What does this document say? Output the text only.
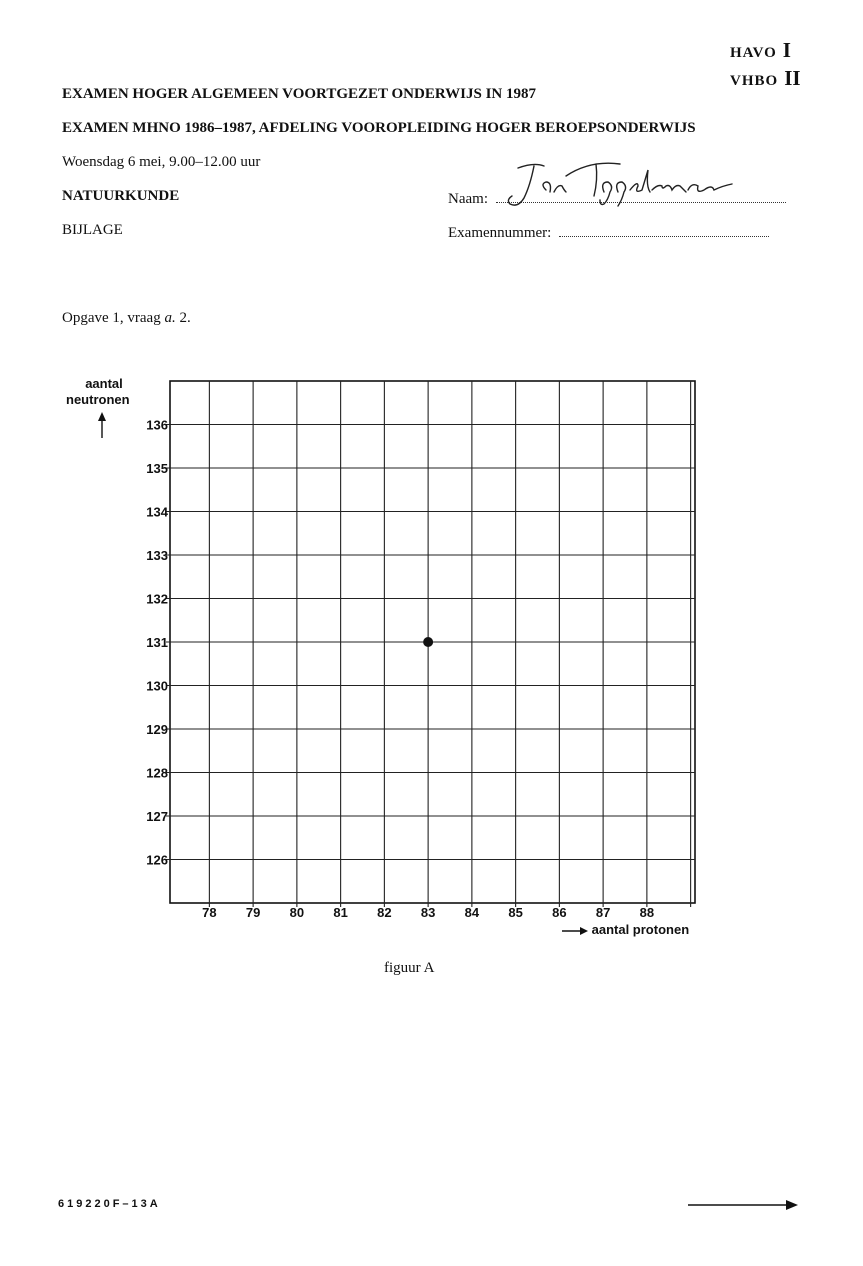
HAVO I
VHBO II
EXAMEN HOGER ALGEMEEN VOORTGEZET ONDERWIJS IN 1987
EXAMEN MHNO 1986–1987, AFDELING VOOROPLEIDING HOGER BEROEPSONDERWIJS
Woensdag 6 mei, 9.00–12.00 uur
NATUURKUNDE
BIJLAGE
Naam:
Examennummer:
Opgave 1, vraag a. 2.
aantal
neutronen
78 79 80 81 82 83 84 85 86 87 88
136
135
134
133
132
131
130
129
128
127
126
aantal protonen
figuur A
619220F–13A
